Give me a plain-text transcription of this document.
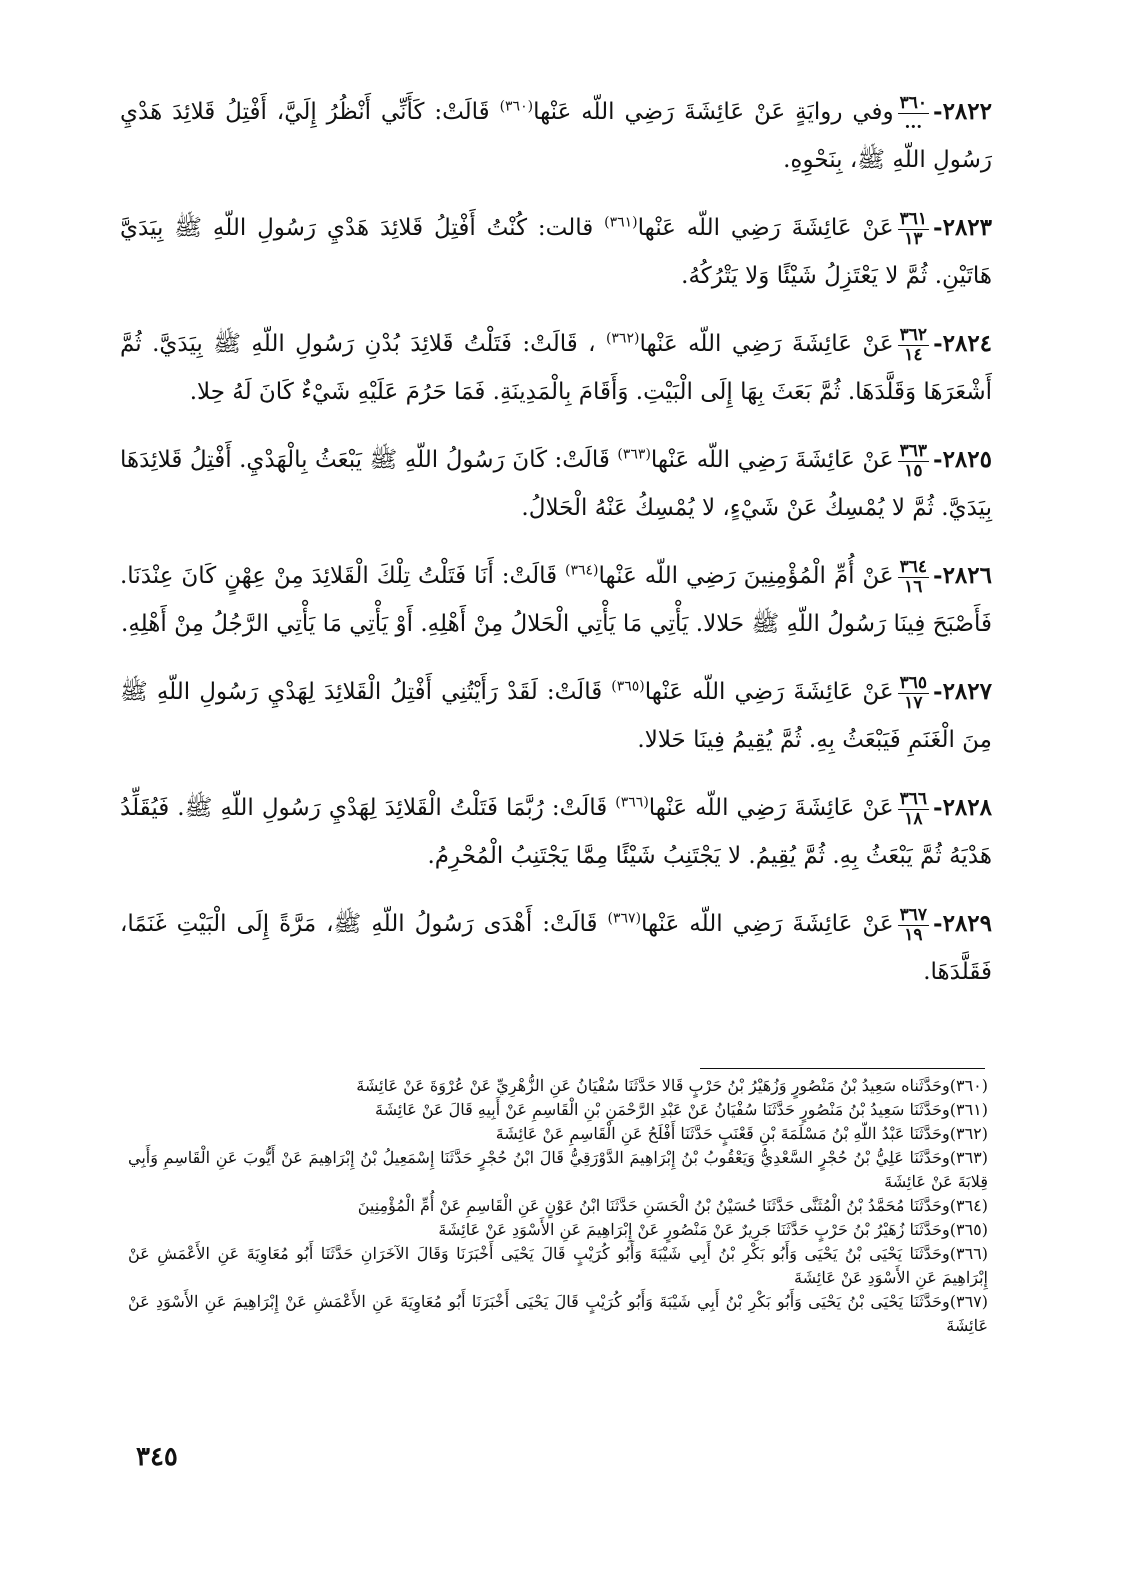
٢٨٢٢-
$\frac{٣٦٠}{...}$
وفي روايَةٍ عَنْ عَائِشَةَ رَضِي اللّه عَنْها$^{(٣٦٠)}$ قَالَتْ: كَأَنِّي أَنْظُرُ إِلَيَّ، أَفْتِلُ قَلائِدَ هَدْيِ رَسُولِ اللّهِ ﷺ، بِنَحْوِهِ.

٢٨٢٣-
$\frac{٣٦١}{١٣}$
عَنْ عَائِشَةَ رَضِي اللّه عَنْها$^{(٣٦١)}$ قالت: كُنْتُ أَفْتِلُ قَلائِدَ هَدْيِ رَسُولِ اللّهِ ﷺ بِيَدَيَّ هَاتَيْنِ. ثُمَّ لا يَعْتَزِلُ شَيْئًا وَلا يَتْرُكُهُ.

٢٨٢٤-
$\frac{٣٦٢}{١٤}$
عَنْ عَائِشَةَ رَضِي اللّه عَنْها$^{(٣٦٢)}$ ، قَالَتْ: فَتَلْتُ قَلائِدَ بُدْنِ رَسُولِ اللّهِ ﷺ بِيَدَيَّ. ثُمَّ أَشْعَرَهَا وَقَلَّدَهَا. ثُمَّ بَعَثَ بِهَا إِلَى الْبَيْتِ. وَأَقَامَ بِالْمَدِينَةِ. فَمَا حَرُمَ عَلَيْهِ شَيْءٌ كَانَ لَهُ حِلا.

٢٨٢٥-
$\frac{٣٦٣}{١٥}$
عَنْ عَائِشَةَ رَضِي اللّه عَنْها$^{(٣٦٣)}$ قَالَتْ: كَانَ رَسُولُ اللّهِ ﷺ يَبْعَثُ بِالْهَدْيِ. أَفْتِلُ قَلائِدَهَا بِيَدَيَّ. ثُمَّ لا يُمْسِكُ عَنْ شَيْءٍ، لا يُمْسِكُ عَنْهُ الْحَلالُ.

٢٨٢٦-
$\frac{٣٦٤}{١٦}$
عَنْ أُمِّ الْمُؤْمِنِينَ رَضِي اللّه عَنْها$^{(٣٦٤)}$ قَالَتْ: أَنَا فَتَلْتُ تِلْكَ الْقَلائِدَ مِنْ عِهْنٍ كَانَ عِنْدَنَا. فَأَصْبَحَ فِينَا رَسُولُ اللّهِ ﷺ حَلالا. يَأْتِي مَا يَأْتِي الْحَلالُ مِنْ أَهْلِهِ. أَوْ يَأْتِي مَا يَأْتِي الرَّجُلُ مِنْ أَهْلِهِ.

٢٨٢٧-
$\frac{٣٦٥}{١٧}$
عَنْ عَائِشَةَ رَضِي اللّه عَنْها$^{(٣٦٥)}$ قَالَتْ: لَقَدْ رَأَيْتُنِي أَفْتِلُ الْقَلائِدَ لِهَدْيِ رَسُولِ اللّهِ ﷺ مِنَ الْغَنَمِ فَيَبْعَثُ بِهِ. ثُمَّ يُقِيمُ فِينَا حَلالا.

٢٨٢٨-
$\frac{٣٦٦}{١٨}$
عَنْ عَائِشَةَ رَضِي اللّه عَنْها$^{(٣٦٦)}$ قَالَتْ: رُبَّمَا فَتَلْتُ الْقَلائِدَ لِهَدْيِ رَسُولِ اللّهِ ﷺ. فَيُقَلِّدُ هَدْيَهُ ثُمَّ يَبْعَثُ بِهِ. ثُمَّ يُقِيمُ. لا يَجْتَنِبُ شَيْئًا مِمَّا يَجْتَنِبُ الْمُحْرِمُ.

٢٨٢٩-
$\frac{٣٦٧}{١٩}$
عَنْ عَائِشَةَ رَضِي اللّه عَنْها$^{(٣٦٧)}$ قَالَتْ: أَهْدَى رَسُولُ اللّهِ ﷺ، مَرَّةً إِلَى الْبَيْتِ غَنَمًا، فَقَلَّدَهَا.

(٣٦٠)وحَدَّثَناه سَعِيدُ بْنُ مَنْصُورٍ وَزُهَيْرُ بْنُ حَرْبٍ قَالا حَدَّثَنَا سُفْيَانُ عَنِ الزُّهْرِيِّ عَنْ عُرْوَةَ عَنْ عَائِشَةَ

(٣٦١)وحَدَّثَنَا سَعِيدُ بْنُ مَنْصُورٍ حَدَّثَنَا سُفْيَانُ عَنْ عَبْدِ الرَّحْمَنِ بْنِ الْقَاسِمِ عَنْ أَبِيهِ قَالَ عَنْ عَائِشَةَ

(٣٦٢)وحَدَّثَنَا عَبْدُ اللّهِ بْنُ مَسْلَمَةَ بْنِ قَعْنَبٍ حَدَّثَنَا أَفْلَحُ عَنِ الْقَاسِمِ عَنْ عَائِشَةَ

(٣٦٣)وحَدَّثَنَا عَلِيُّ بْنُ حُجْرٍ السَّعْدِيُّ وَيَعْقُوبُ بْنُ إِبْرَاهِيمَ الدَّوْرَقِيُّ قَالَ ابْنُ حُجْرٍ حَدَّثَنَا إِسْمَعِيلُ بْنُ إِبْرَاهِيمَ عَنْ أَيُّوبَ عَنِ الْقَاسِمِ وَأَبِي قِلابَةَ عَنْ عَائِشَةَ

(٣٦٤)وحَدَّثَنَا مُحَمَّدُ بْنُ الْمُثَنَّى حَدَّثَنَا حُسَيْنُ بْنُ الْحَسَنِ حَدَّثَنَا ابْنُ عَوْنٍ عَنِ الْقَاسِمِ عَنْ أُمِّ الْمُؤْمِنِينَ

(٣٦٥)وحَدَّثَنَا زُهَيْرُ بْنُ حَرْبٍ حَدَّثَنَا جَرِيرٌ عَنْ مَنْصُورٍ عَنْ إِبْرَاهِيمَ عَنِ الأَسْوَدِ عَنْ عَائِشَةَ

(٣٦٦)وحَدَّثَنَا يَحْيَى بْنُ يَحْيَى وَأَبُو بَكْرِ بْنُ أَبِي شَيْبَةَ وَأَبُو كُرَيْبٍ قَالَ يَحْيَى أَخْبَرَنَا وَقَالَ الآخَرَانِ حَدَّثَنَا أَبُو مُعَاوِيَةَ عَنِ الأَعْمَشِ عَنْ إِبْرَاهِيمَ عَنِ الأَسْوَدِ عَنْ عَائِشَةَ

(٣٦٧)وحَدَّثَنَا يَحْيَى بْنُ يَحْيَى وَأَبُو بَكْرِ بْنُ أَبِي شَيْبَةَ وَأَبُو كُرَيْبٍ قَالَ يَحْيَى أَخْبَرَنَا أَبُو مُعَاوِيَةَ عَنِ الأَعْمَشِ عَنْ إِبْرَاهِيمَ عَنِ الأَسْوَدِ عَنْ عَائِشَةَ

٣٤٥
